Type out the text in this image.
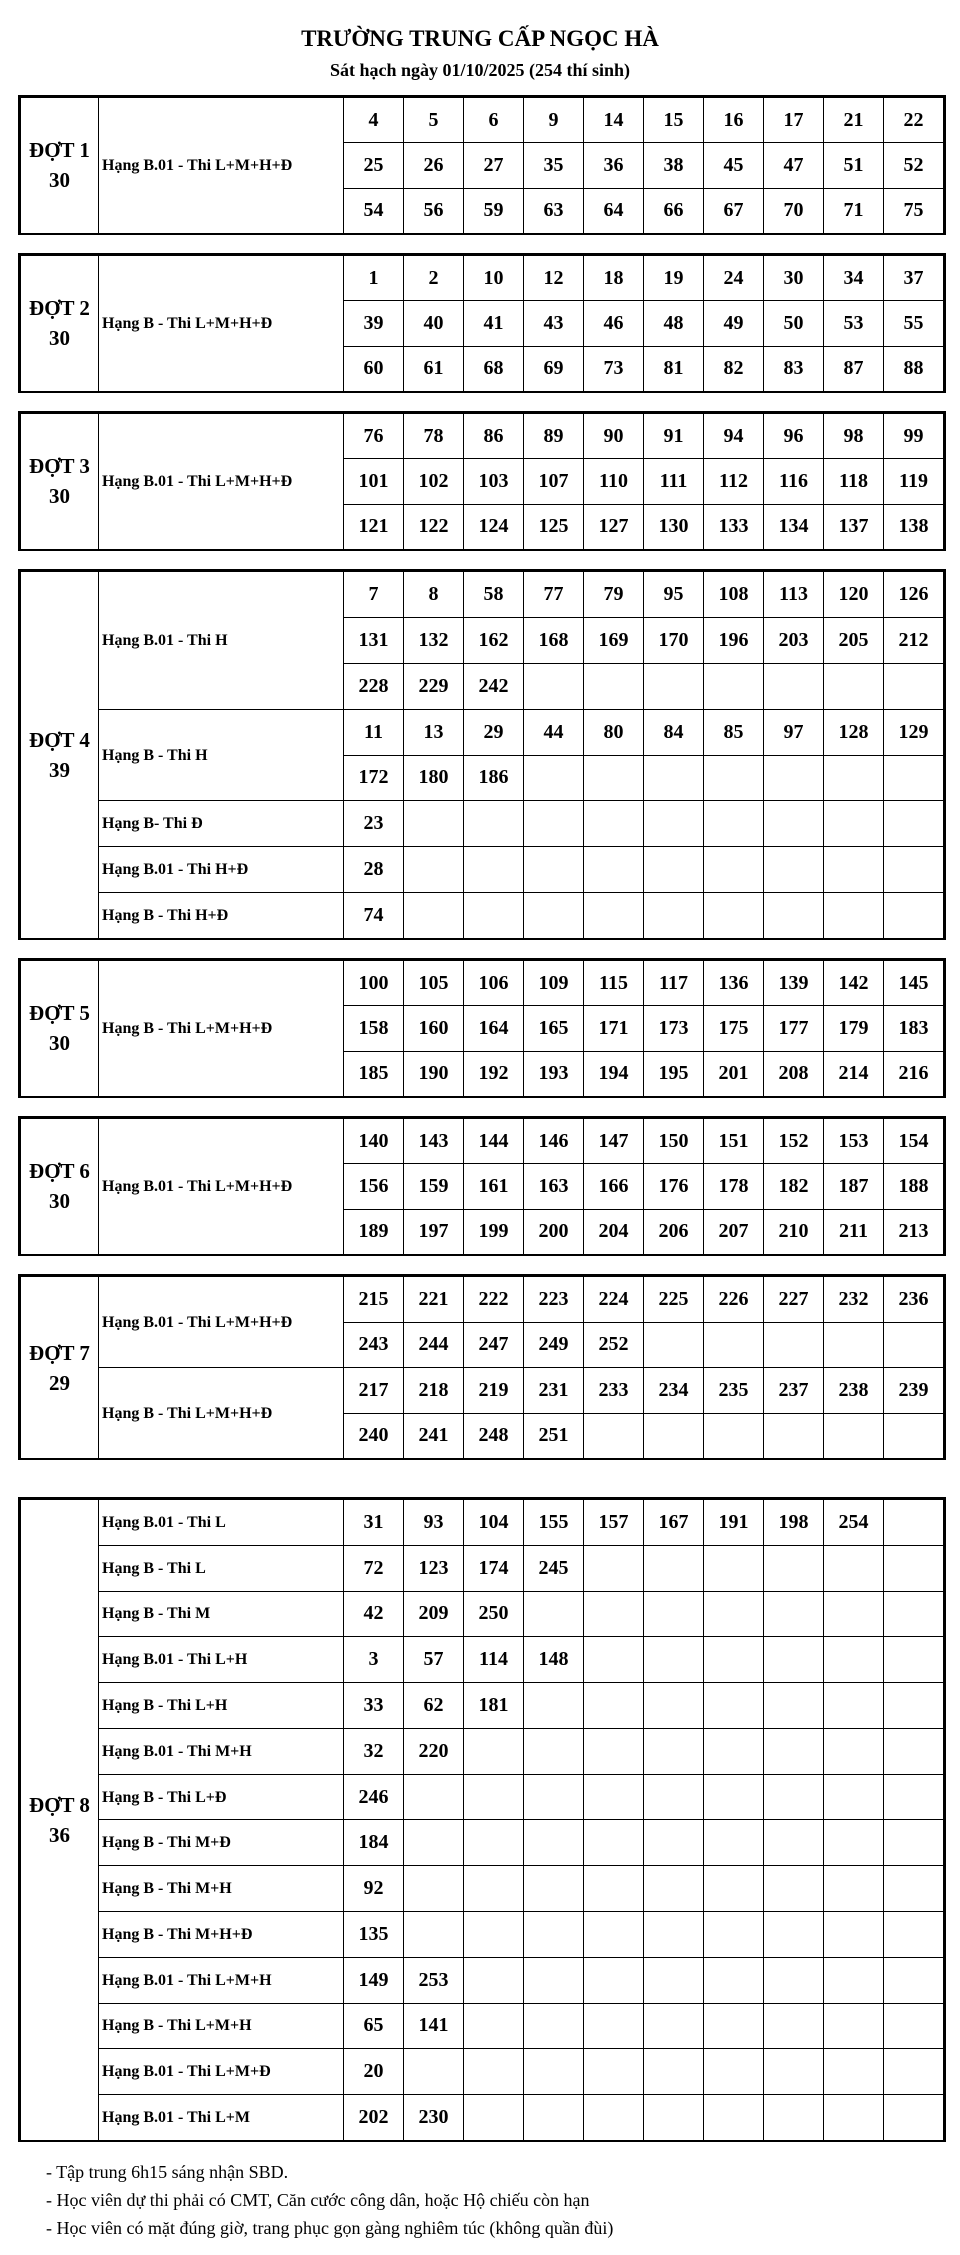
TRƯỜNG TRUNG CẤP NGỌC HÀ
Sát hạch ngày 01/10/2025 (254 thí sinh)
ĐỢT 1
30	Hạng B.01 - Thi L+M+H+Đ	4	5	6	9	14	15	16	17	21	22
		25	26	27	35	36	38	45	47	51	52
		54	56	59	63	64	66	67	70	71	75
ĐỢT 2
30	Hạng B - Thi L+M+H+Đ	1	2	10	12	18	19	24	30	34	37
		39	40	41	43	46	48	49	50	53	55
		60	61	68	69	73	81	82	83	87	88
ĐỢT 3
30	Hạng B.01 - Thi L+M+H+Đ	76	78	86	89	90	91	94	96	98	99
		101	102	103	107	110	111	112	116	118	119
		121	122	124	125	127	130	133	134	137	138
ĐỢT 4
39	Hạng B.01 - Thi H	7	8	58	77	79	95	108	113	120	126
		131	132	162	168	169	170	196	203	205	212
		228	229	242							
	Hạng B - Thi H	11	13	29	44	80	84	85	97	128	129
		172	180	186							
	Hạng B- Thi Đ	23									
	Hạng B.01 - Thi H+Đ	28									
	Hạng B - Thi H+Đ	74									
ĐỢT 5
30	Hạng B - Thi L+M+H+Đ	100	105	106	109	115	117	136	139	142	145
		158	160	164	165	171	173	175	177	179	183
		185	190	192	193	194	195	201	208	214	216
ĐỢT 6
30	Hạng B.01 - Thi L+M+H+Đ	140	143	144	146	147	150	151	152	153	154
		156	159	161	163	166	176	178	182	187	188
		189	197	199	200	204	206	207	210	211	213
ĐỢT 7
29	Hạng B.01 - Thi L+M+H+Đ	215	221	222	223	224	225	226	227	232	236
		243	244	247	249	252					
	Hạng B - Thi L+M+H+Đ	217	218	219	231	233	234	235	237	238	239
		240	241	248	251						
ĐỢT 8
36	Hạng B.01 - Thi L	31	93	104	155	157	167	191	198	254	
	Hạng B - Thi L	72	123	174	245						
	Hạng B - Thi M	42	209	250							
	Hạng B.01 - Thi L+H	3	57	114	148						
	Hạng B - Thi L+H	33	62	181							
	Hạng B.01 - Thi M+H	32	220								
	Hạng B - Thi L+Đ	246									
	Hạng B - Thi M+Đ	184									
	Hạng B - Thi M+H	92									
	Hạng B - Thi M+H+Đ	135									
	Hạng B.01 - Thi L+M+H	149	253								
	Hạng B - Thi L+M+H	65	141								
	Hạng B.01 - Thi L+M+Đ	20									
	Hạng B.01 - Thi L+M	202	230								
- Tập trung 6h15 sáng nhận SBD.
- Học viên dự thi phải có CMT, Căn cước công dân, hoặc Hộ chiếu còn hạn
- Học viên có mặt đúng giờ, trang phục gọn gàng nghiêm túc (không quần đùi)
